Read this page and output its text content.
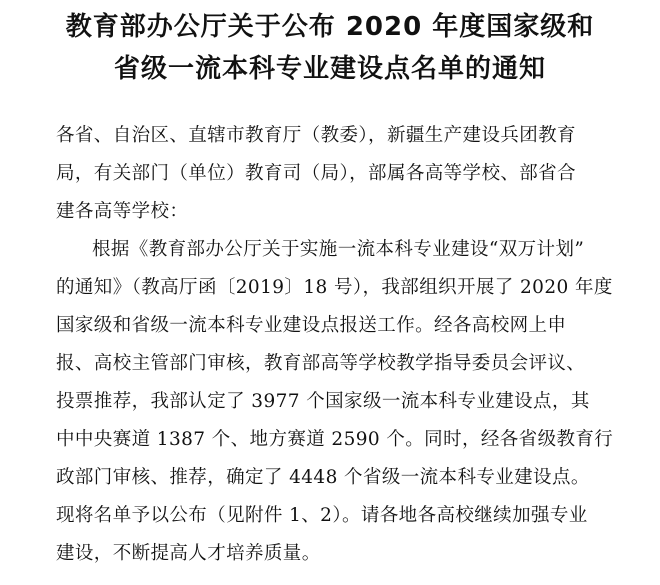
教育部办公厅关于公布 2020 年度国家级和
省级一流本科专业建设点名单的通知
各省、自治区、直辖市教育厅（教委），新疆生产建设兵团教育
局，有关部门（单位）教育司（局），部属各高等学校、部省合
建各高等学校：
根据《教育部办公厅关于实施一流本科专业建设“双万计划”
的通知》（教高厅函〔2019〕18 号），我部组织开展了 2020 年度
国家级和省级一流本科专业建设点报送工作。经各高校网上申
报、高校主管部门审核，教育部高等学校教学指导委员会评议、
投票推荐，我部认定了 3977 个国家级一流本科专业建设点，其
中中央赛道 1387 个、地方赛道 2590 个。同时，经各省级教育行
政部门审核、推荐，确定了 4448 个省级一流本科专业建设点。
现将名单予以公布（见附件 1、2）。请各地各高校继续加强专业
建设，不断提高人才培养质量。
